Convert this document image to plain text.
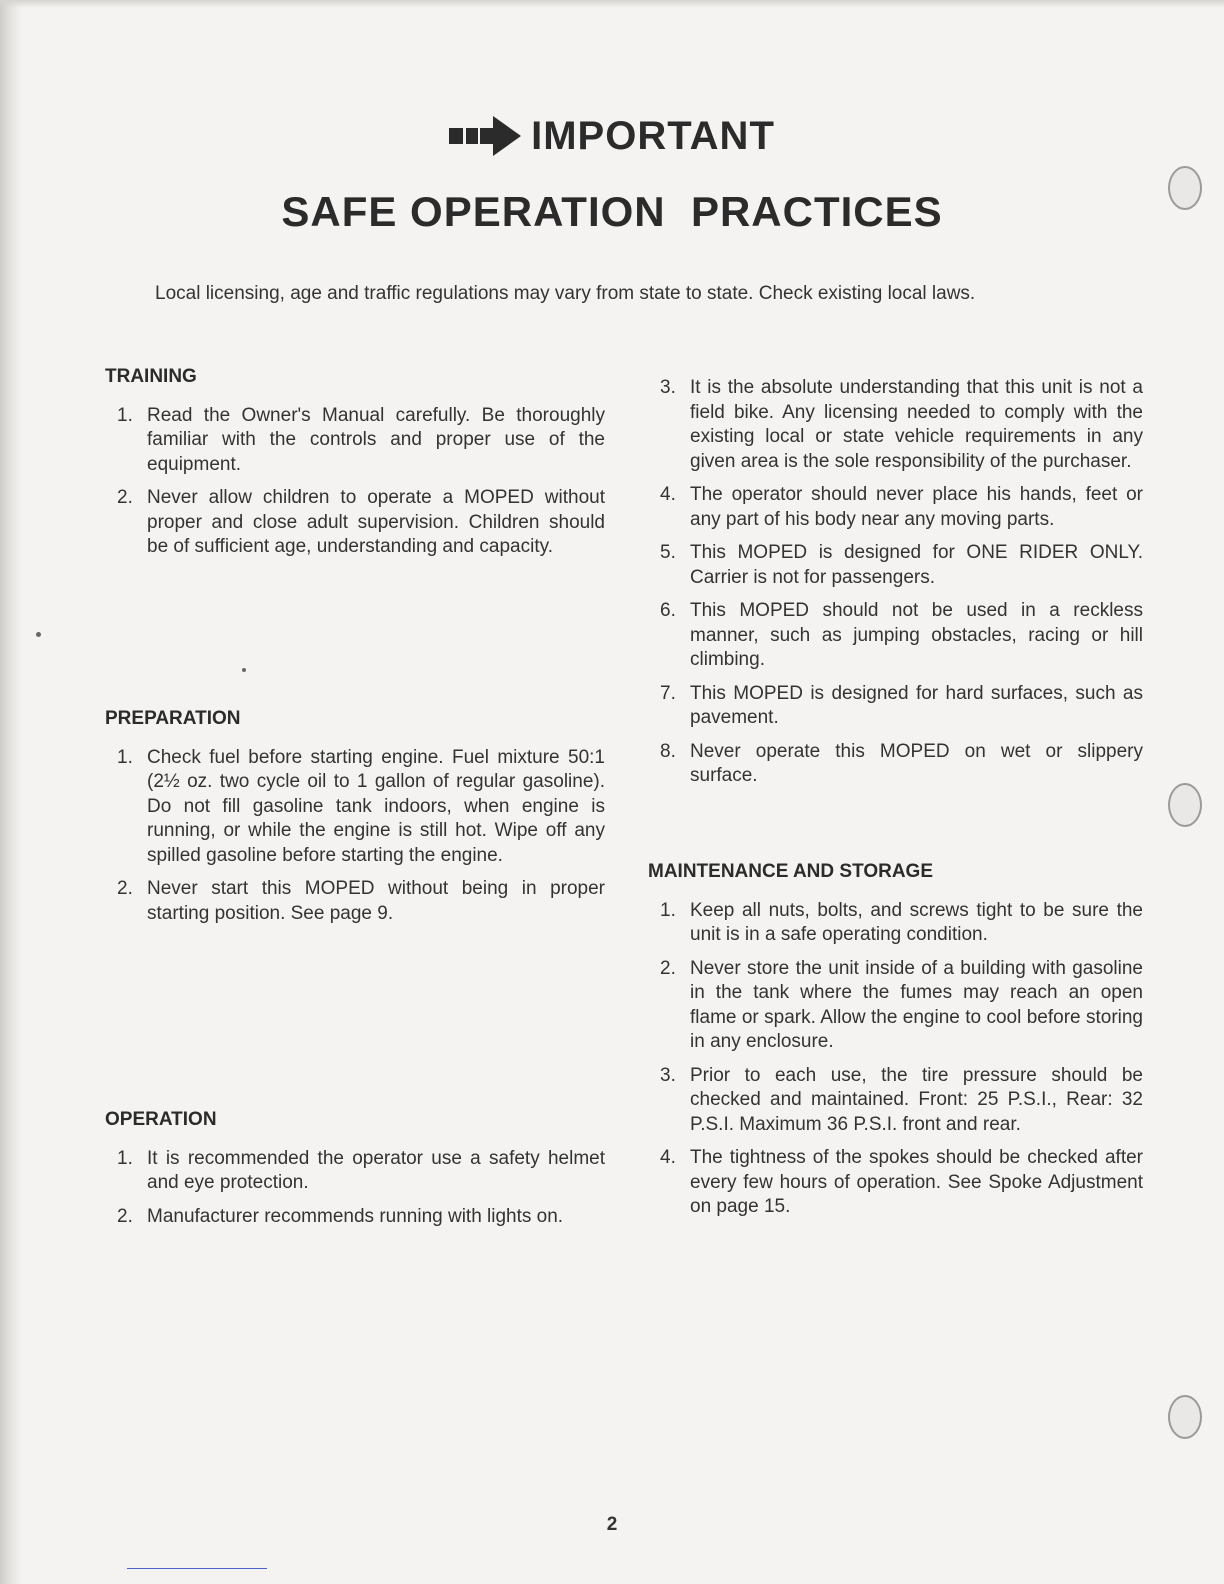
IMPORTANT
SAFE OPERATION  PRACTICES
Local licensing, age and traffic regulations may vary from state to state. Check existing local laws.
TRAINING
1. Read the Owner's Manual carefully. Be thoroughly familiar with the controls and proper use of the equipment.
2. Never allow children to operate a MOPED without proper and close adult supervision. Children should be of sufficient age, understanding and capacity.
PREPARATION
1. Check fuel before starting engine. Fuel mixture 50:1 (2½ oz. two cycle oil to 1 gallon of regular gasoline). Do not fill gasoline tank indoors, when engine is running, or while the engine is still hot. Wipe off any spilled gasoline before starting the engine.
2. Never start this MOPED without being in proper starting position. See page 9.
OPERATION
1. It is recommended the operator use a safety helmet and eye protection.
2. Manufacturer recommends running with lights on.
3. It is the absolute understanding that this unit is not a field bike. Any licensing needed to comply with the existing local or state vehicle requirements in any given area is the sole responsibility of the purchaser.
4. The operator should never place his hands, feet or any part of his body near any moving parts.
5. This MOPED is designed for ONE RIDER ONLY. Carrier is not for passengers.
6. This MOPED should not be used in a reckless manner, such as jumping obstacles, racing or hill climbing.
7. This MOPED is designed for hard surfaces, such as pavement.
8. Never operate this MOPED on wet or slippery surface.
MAINTENANCE AND STORAGE
1. Keep all nuts, bolts, and screws tight to be sure the unit is in a safe operating condition.
2. Never store the unit inside of a building with gasoline in the tank where the fumes may reach an open flame or spark. Allow the engine to cool before storing in any enclosure.
3. Prior to each use, the tire pressure should be checked and maintained. Front: 25 P.S.I., Rear: 32 P.S.I. Maximum 36 P.S.I. front and rear.
4. The tightness of the spokes should be checked after every few hours of operation. See Spoke Adjustment on page 15.
2
